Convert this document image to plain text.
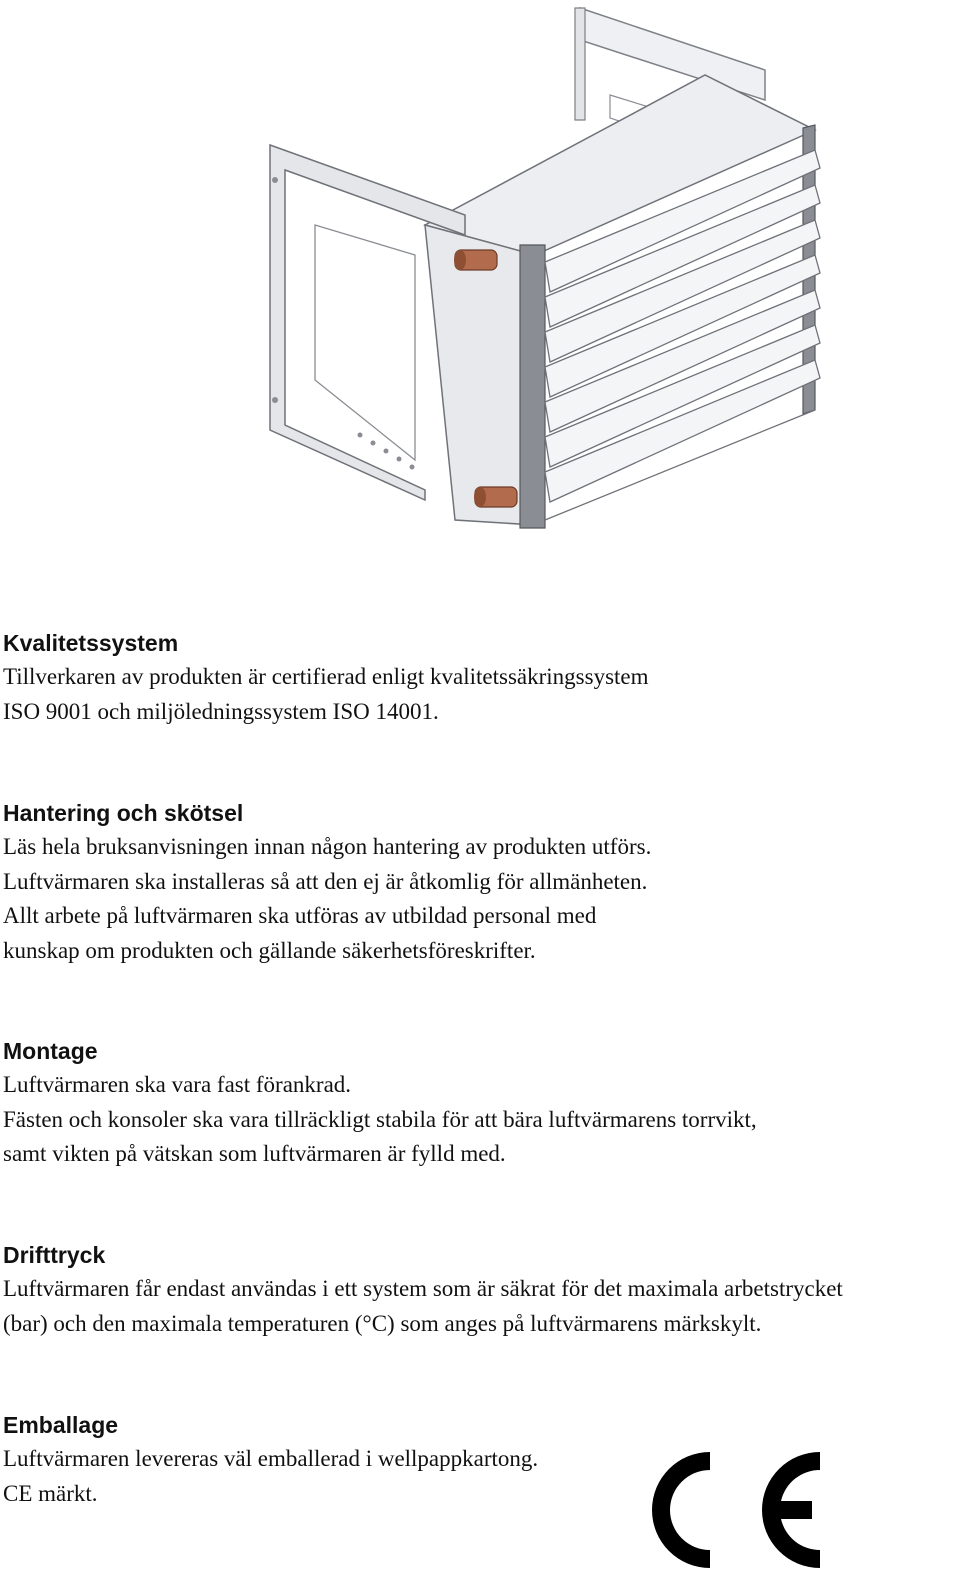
Kvalitetssystem

Tillverkaren av produkten är certifierad enligt kvalitetssäkringssystem

ISO 9001 och miljöledningssystem ISO 14001.

Hantering och skötsel

Läs hela bruksanvisningen innan någon hantering av produkten utförs.

Luftvärmaren ska installeras så att den ej är åtkomlig för allmänheten.

Allt arbete på luftvärmaren ska utföras av utbildad personal med

kunskap om produkten och gällande säkerhetsföreskrifter.

Montage

Luftvärmaren ska vara fast förankrad.

Fästen och konsoler ska vara tillräckligt stabila för att bära luftvärmarens torrvikt,

samt vikten på vätskan som luftvärmaren är fylld med.

Drifttryck

Luftvärmaren får endast användas i ett system som är säkrat för det maximala arbetstrycket

(bar) och den maximala temperaturen (°C) som anges på luftvärmarens märkskylt.

Emballage

Luftvärmaren levereras väl emballerad i wellpappkartong.

CE märkt.
